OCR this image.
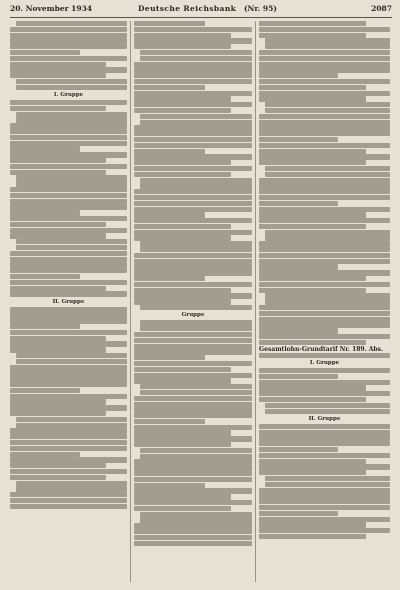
20. November 1934	Deutsche Reichsbank (Nr. 95)	2087
I. Gruppe
II. Gruppe
Gruppe
Gesamtlohn-Grundtarif Nr. 189. Abs.
I. Gruppe
II. Gruppe
